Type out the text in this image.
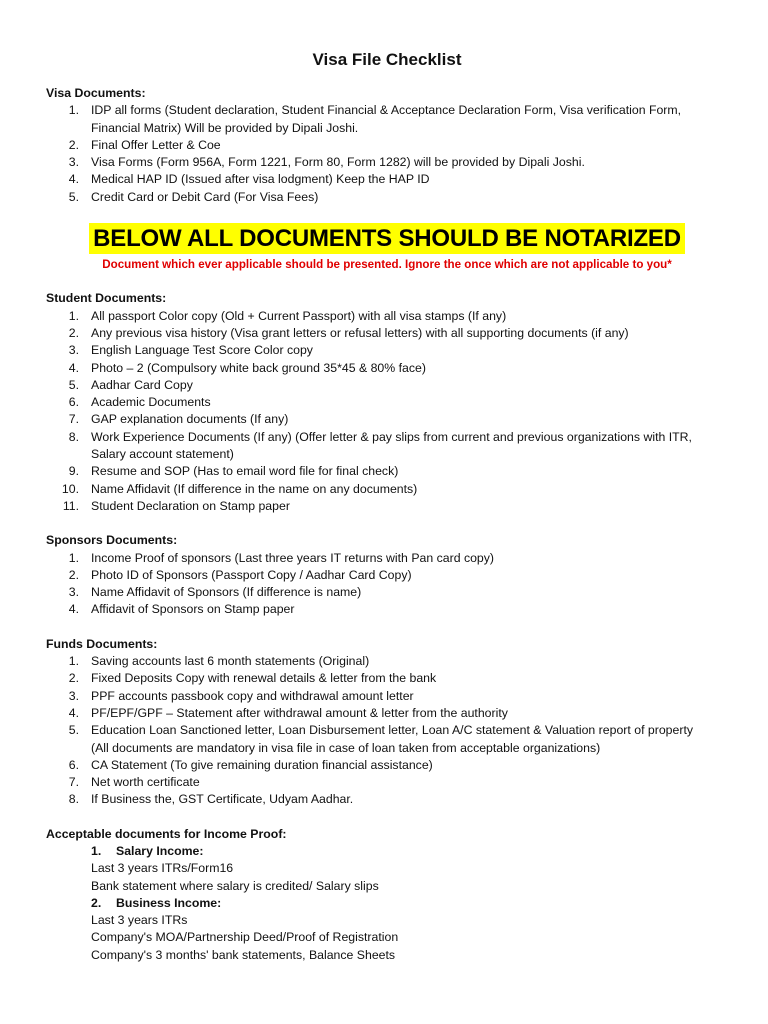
Visa File Checklist
Visa Documents:
1. IDP all forms (Student declaration, Student Financial & Acceptance Declaration Form, Visa verification Form,
Financial Matrix) Will be provided by Dipali Joshi.
2. Final Offer Letter & Coe
3. Visa Forms (Form 956A, Form 1221, Form 80, Form 1282) will be provided by Dipali Joshi.
4. Medical HAP ID (Issued after visa lodgment) Keep the HAP ID
5. Credit Card or Debit Card (For Visa Fees)
BELOW ALL DOCUMENTS SHOULD BE NOTARIZED
Document which ever applicable should be presented. Ignore the once which are not applicable to you*
Student Documents:
1. All passport Color copy (Old + Current Passport) with all visa stamps (If any)
2. Any previous visa history (Visa grant letters or refusal letters) with all supporting documents (if any)
3. English Language Test Score Color copy
4. Photo – 2 (Compulsory white back ground 35*45 & 80% face)
5. Aadhar Card Copy
6. Academic Documents
7. GAP explanation documents (If any)
8. Work Experience Documents (If any) (Offer letter & pay slips from current and previous organizations with ITR,
Salary account statement)
9. Resume and SOP (Has to email word file for final check)
10. Name Affidavit (If difference in the name on any documents)
11. Student Declaration on Stamp paper
Sponsors Documents:
1. Income Proof of sponsors (Last three years IT returns with Pan card copy)
2. Photo ID of Sponsors (Passport Copy / Aadhar Card Copy)
3. Name Affidavit of Sponsors (If difference is name)
4. Affidavit of Sponsors on Stamp paper
Funds Documents:
1. Saving accounts last 6 month statements (Original)
2. Fixed Deposits Copy with renewal details & letter from the bank
3. PPF accounts passbook copy and withdrawal amount letter
4. PF/EPF/GPF – Statement after withdrawal amount & letter from the authority
5. Education Loan Sanctioned letter, Loan Disbursement letter, Loan A/C statement & Valuation report of property
(All documents are mandatory in visa file in case of loan taken from acceptable organizations)
6. CA Statement (To give remaining duration financial assistance)
7. Net worth certificate
8. If Business the, GST Certificate, Udyam Aadhar.
Acceptable documents for Income Proof:
1. Salary Income:
Last 3 years ITRs/Form16
Bank statement where salary is credited/ Salary slips
2. Business Income:
Last 3 years ITRs
Company's MOA/Partnership Deed/Proof of Registration
Company's 3 months' bank statements, Balance Sheets
